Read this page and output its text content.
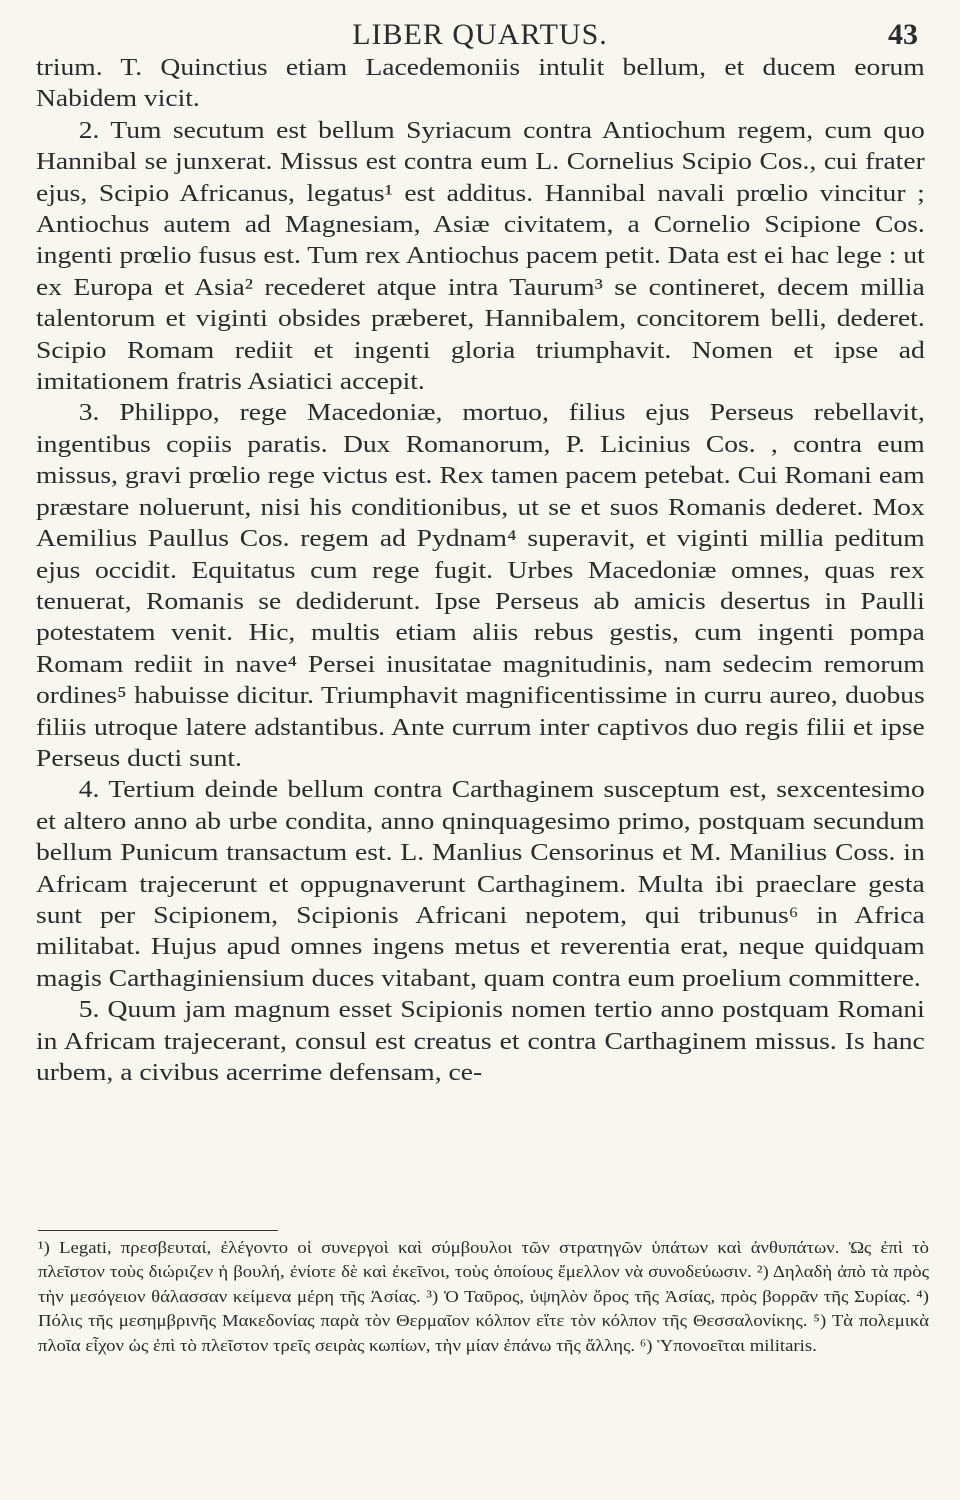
LIBER QUARTUS.	43

trium. T. Quinctius etiam Lacedemoniis intulit bellum, et ducem eorum Nabidem vicit.

2. Tum secutum est bellum Syriacum contra Antiochum regem, cum quo Hannibal se junxerat. Missus est contra eum L. Cornelius Scipio Cos., cui frater ejus, Scipio Africanus, legatus¹ est additus. Hannibal navali prœlio vincitur ; Antiochus autem ad Magnesiam, Asiæ civitatem, a Cornelio Scipione Cos. ingenti prœlio fusus est. Tum rex Antiochus pacem petit. Data est ei hac lege : ut ex Europa et Asia² recederet atque intra Taurum³ se contineret, decem millia talentorum et viginti obsides præberet, Hannibalem, concitorem belli, dederet. Scipio Romam rediit et ingenti gloria triumphavit. Nomen et ipse ad imitationem fratris Asiatici accepit.

3. Philippo, rege Macedoniæ, mortuo, filius ejus Perseus rebellavit, ingentibus copiis paratis. Dux Romanorum, P. Licinius Cos. , contra eum missus, gravi prœlio rege victus est. Rex tamen pacem petebat. Cui Romani eam præstare noluerunt, nisi his conditionibus, ut se et suos Romanis dederet. Mox Aemilius Paullus Cos. regem ad Pydnam⁴ superavit, et viginti millia peditum ejus occidit. Equitatus cum rege fugit. Urbes Macedoniæ omnes, quas rex tenuerat, Romanis se dediderunt. Ipse Perseus ab amicis desertus in Paulli potestatem venit. Hic, multis etiam aliis rebus gestis, cum ingenti pompa Romam rediit in nave⁴ Persei inusitatae magnitudinis, nam sedecim remorum ordines⁵ habuisse dicitur. Triumphavit magnificentissime in curru aureo, duobus filiis utroque latere adstantibus. Ante currum inter captivos duo regis filii et ipse Perseus ducti sunt.

4. Tertium deinde bellum contra Carthaginem susceptum est, sexcentesimo et altero anno ab urbe condita, anno qninquagesimo primo, postquam secundum bellum Punicum transactum est. L. Manlius Censorinus et M. Manilius Coss. in Africam trajecerunt et oppugnaverunt Carthaginem. Multa ibi praeclare gesta sunt per Scipionem, Scipionis Africani nepotem, qui tribunus⁶ in Africa militabat. Hujus apud omnes ingens metus et reverentia erat, neque quidquam magis Carthaginiensium duces vitabant, quam contra eum proelium committere.

5. Quum jam magnum esset Scipionis nomen tertio anno postquam Romani in Africam trajecerant, consul est creatus et contra Carthaginem missus. Is hanc urbem, a civibus acerrime defensam, ce-

¹) Legati, πρεσβευταί, ἐλέγοντο οἱ συνεργοὶ καὶ σύμβουλοι τῶν στρατηγῶν ὑπάτων καὶ ἀνθυπάτων. Ὡς ἐπὶ τὸ πλεῖστον τοὺς διώριζεν ἡ βουλή, ἐνίοτε δὲ καὶ ἐκεῖνοι, τοὺς ὁποίους ἔμελλον νὰ συνοδεύωσιν. ²) Δηλαδὴ ἀπὸ τὰ πρὸς τὴν μεσόγειον θάλασσαν κείμενα μέρη τῆς Ἀσίας. ³) Ὁ Ταῦρος, ὑψηλὸν ὄρος τῆς Ἀσίας, πρὸς βορρᾶν τῆς Συρίας. ⁴) Πόλις τῆς μεσημβρινῆς Μακεδονίας παρὰ τὸν Θερμαῖον κόλπον εἴτε τὸν κόλπον τῆς Θεσσαλονίκης. ⁵) Τὰ πολεμικὰ πλοῖα εἶχον ὡς ἐπὶ τὸ πλεῖστον τρεῖς σειρὰς κωπίων, τὴν μίαν ἐπάνω τῆς ἄλλης. ⁶) Ὑπονοεῖται militaris.
